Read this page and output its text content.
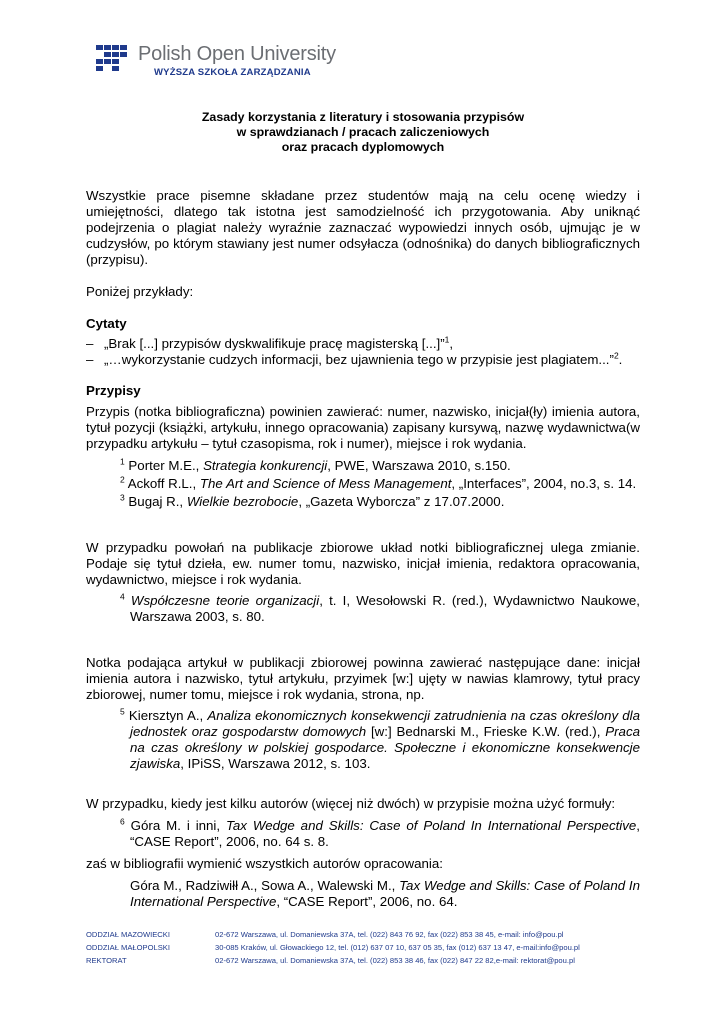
Polish Open University
WYŻSZA SZKOŁA ZARZĄDZANIA
Zasady korzystania z literatury i stosowania przypisów
w sprawdzianach / pracach zaliczeniowych
oraz pracach dyplomowych

Wszystkie prace pisemne składane przez studentów mają na celu ocenę wiedzy i umiejętności, dlatego tak istotna jest samodzielność ich przygotowania. Aby uniknąć podejrzenia o plagiat należy wyraźnie zaznaczać wypowiedzi innych osób, ujmując je w cudzysłów, po którym stawiany jest numer odsyłacza (odnośnika) do danych bibliograficznych (przypisu).

Poniżej przykłady:

Cytaty
– „Brak [...] przypisów dyskwalifikuje pracę magisterską [...]”$^1$,
– „…wykorzystanie cudzych informacji, bez ujawnienia tego w przypisie jest plagiatem...”$^2$.
Przypisy

Przypis (notka bibliograficzna) powinien zawierać: numer, nazwisko, inicjał(ły) imienia autora, tytuł pozycji (książki, artykułu, innego opracowania) zapisany kursywą, nazwę wydawnictwa(w przypadku artykułu – tytuł czasopisma, rok i numer), miejsce i rok wydania.

$^1$ Porter M.E., Strategia konkurencji, PWE, Warszawa 2010, s.150.

$^2$ Ackoff R.L., The Art and Science of Mess Management, „Interfaces”, 2004, no.3, s. 14.

$^3$ Bugaj R., Wielkie bezrobocie, „Gazeta Wyborcza” z 17.07.2000.

W przypadku powołań na publikacje zbiorowe układ notki bibliograficznej ulega zmianie. Podaje się tytuł dzieła, ew. numer tomu, nazwisko, inicjał imienia, redaktora opracowania, wydawnictwo, miejsce i rok wydania.

$^4$ Współczesne teorie organizacji, t. I, Wesołowski R. (red.), Wydawnictwo Naukowe, Warszawa 2003, s. 80.

Notka podająca artykuł w publikacji zbiorowej powinna zawierać następujące dane: inicjał imienia autora i nazwisko, tytuł artykułu, przyimek [w:] ujęty w nawias klamrowy, tytuł pracy zbiorowej, numer tomu, miejsce i rok wydania, strona, np.

$^5$ Kiersztyn A., Analiza ekonomicznych konsekwencji zatrudnienia na czas określony dla jednostek oraz gospodarstw domowych [w:] Bednarski M., Frieske K.W. (red.), Praca na czas określony w polskiej gospodarce. Społeczne i ekonomiczne konsekwencje zjawiska, IPiSS, Warszawa 2012, s. 103.

W przypadku, kiedy jest kilku autorów (więcej niż dwóch) w przypisie można użyć formuły:

$^6$ Góra M. i inni, Tax Wedge and Skills: Case of Poland In International Perspective, “CASE Report”, 2006, no. 64 s. 8.

zaś w bibliografii wymienić wszystkich autorów opracowania:

Góra M., Radziwiłł A., Sowa A., Walewski M., Tax Wedge and Skills: Case of Poland In International Perspective, “CASE Report”, 2006, no. 64.

ODDZIAŁ MAZOWIECKI	02-672 Warszawa, ul. Domaniewska 37A, tel. (022) 843 76 92, fax (022) 853 38 45, e-mail: info@pou.pl
ODDZIAŁ MAŁOPOLSKI	30-085 Kraków, ul. Głowackiego 12, tel. (012) 637 07 10, 637 05 35, fax (012) 637 13 47, e-mail:info@pou.pl
REKTORAT	02-672 Warszawa, ul. Domaniewska 37A, tel. (022) 853 38 46, fax (022) 847 22 82,e-mail: rektorat@pou.pl
